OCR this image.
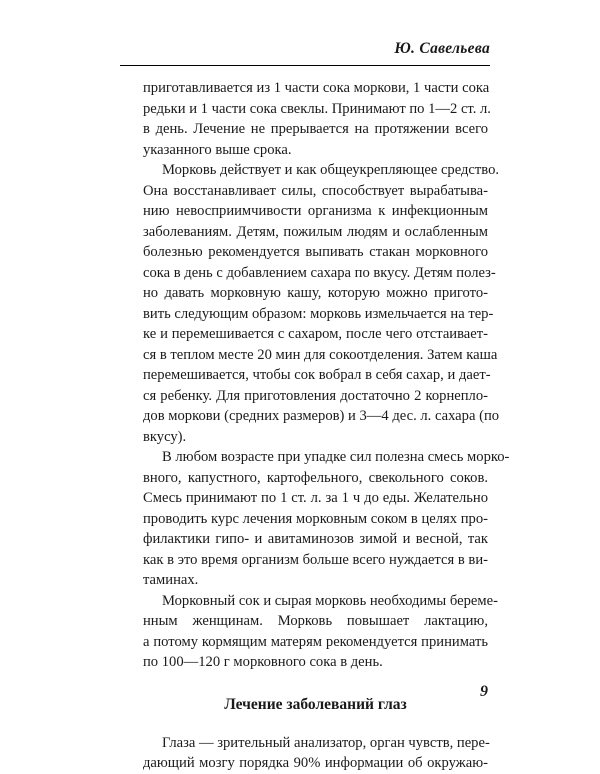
Ю. Савельева
приготавливается из 1 части сока моркови, 1 части сока
редьки и 1 части сока свеклы. Принимают по 1—2 ст. л.
в день. Лечение не прерывается на протяжении всего
указанного выше срока.
Морковь действует и как общеукрепляющее средство.
Она восстанавливает силы, способствует вырабатыва-
нию невосприимчивости организма к инфекционным
заболеваниям. Детям, пожилым людям и ослабленным
болезнью рекомендуется выпивать стакан морковного
сока в день с добавлением сахара по вкусу. Детям полез-
но давать морковную кашу, которую можно пригото-
вить следующим образом: морковь измельчается на тер-
ке и перемешивается с сахаром, после чего отстаивает-
ся в теплом месте 20 мин для сокоотделения. Затем каша
перемешивается, чтобы сок вобрал в себя сахар, и дает-
ся ребенку. Для приготовления достаточно 2 корнепло-
дов моркови (средних размеров) и 3—4 дес. л. сахара (по
вкусу).
В любом возрасте при упадке сил полезна смесь морко-
вного, капустного, картофельного, свекольного соков.
Смесь принимают по 1 ст. л. за 1 ч до еды. Желательно
проводить курс лечения морковным соком в целях про-
филактики гипо- и авитаминозов зимой и весной, так
как в это время организм больше всего нуждается в ви-
таминах.
Морковный сок и сырая морковь необходимы береме-
нным женщинам. Морковь повышает лактацию,
а потому кормящим матерям рекомендуется принимать
по 100—120 г морковного сока в день.
Лечение заболеваний глаз
Глаза — зрительный анализатор, орган чувств, пере-
дающий мозгу порядка 90% информации об окружаю-
9
